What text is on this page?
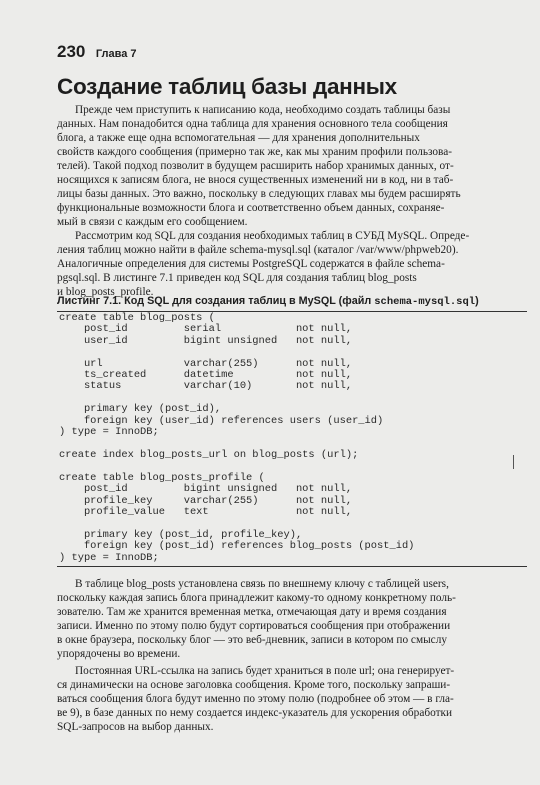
230 Глава 7
Создание таблиц базы данных
Прежде чем приступить к написанию кода, необходимо создать таблицы базы
данных. Нам понадобится одна таблица для хранения основного тела сообщения
блога, а также еще одна вспомогательная — для хранения дополнительных
свойств каждого сообщения (примерно так же, как мы храним профили пользова-
телей). Такой подход позволит в будущем расширить набор хранимых данных, от-
носящихся к записям блога, не внося существенных изменений ни в код, ни в таб-
лицы базы данных. Это важно, поскольку в следующих главах мы будем расширять
функциональные возможности блога и соответственно объем данных, сохраняе-
мый в связи с каждым его сообщением.
Рассмотрим код SQL для создания необходимых таблиц в СУБД MySQL. Опреде-
ления таблиц можно найти в файле schema-mysql.sql (каталог /var/www/phpweb20).
Аналогичные определения для системы PostgreSQL содержатся в файле schema-
pgsql.sql. В листинге 7.1 приведен код SQL для создания таблиц blog_posts
и blog_posts_profile.
Листинг 7.1. Код SQL для создания таблиц в MySQL (файл schema-mysql.sql)
create table blog_posts (
post_id         serial            not null,
user_id         bigint unsigned   not null,

url             varchar(255)      not null,
ts_created      datetime          not null,
status          varchar(10)       not null,

primary key (post_id),
foreign key (user_id) references users (user_id)
) type = InnoDB;

create index blog_posts_url on blog_posts (url);

create table blog_posts_profile (
post_id         bigint unsigned   not null,
profile_key     varchar(255)      not null,
profile_value   text              not null,

primary key (post_id, profile_key),
foreign key (post_id) references blog_posts (post_id)
) type = InnoDB;
В таблице blog_posts установлена связь по внешнему ключу с таблицей users,
поскольку каждая запись блога принадлежит какому-то одному конкретному поль-
зователю. Там же хранится временная метка, отмечающая дату и время создания
записи. Именно по этому полю будут сортироваться сообщения при отображении
в окне браузера, поскольку блог — это веб-дневник, записи в котором по смыслу
упорядочены во времени.
Постоянная URL-ссылка на запись будет храниться в поле url; она генерирует-
ся динамически на основе заголовка сообщения. Кроме того, поскольку запраши-
ваться сообщения блога будут именно по этому полю (подробнее об этом — в гла-
ве 9), в базе данных по нему создается индекс-указатель для ускорения обработки
SQL-запросов на выбор данных.
